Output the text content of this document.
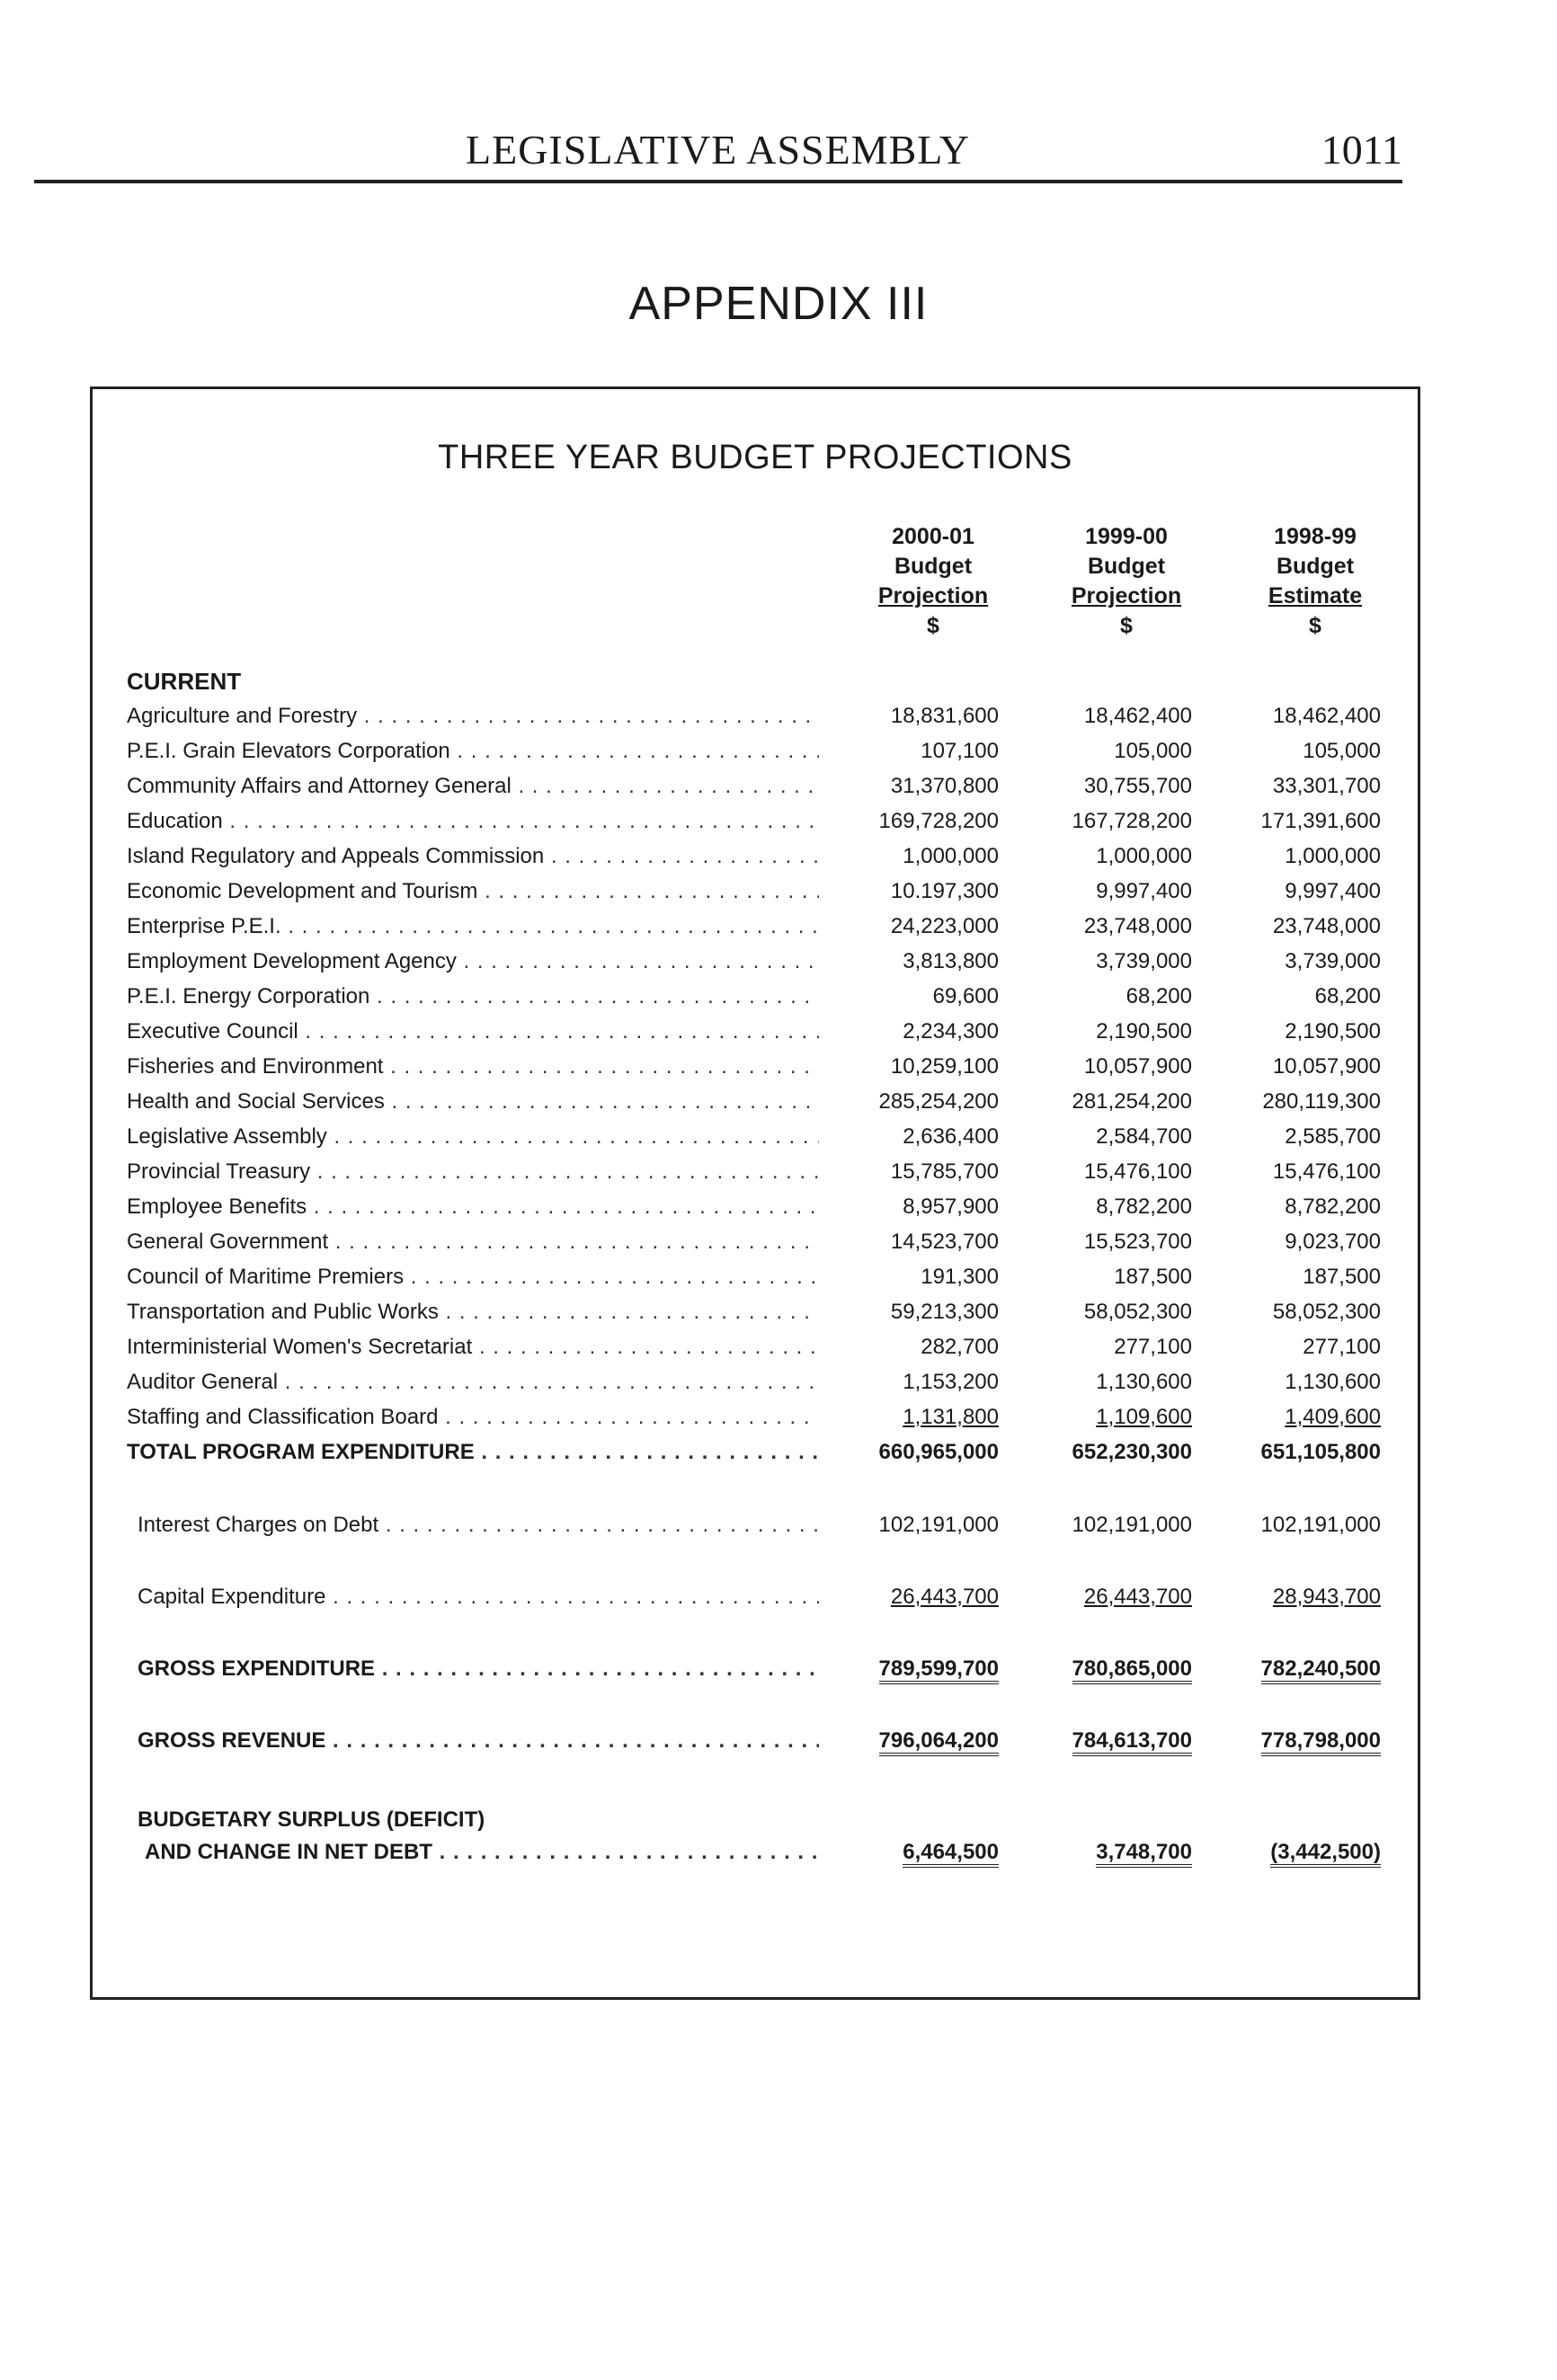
LEGISLATIVE ASSEMBLY	1011
APPENDIX III
THREE YEAR BUDGET PROJECTIONS
2000-01
Budget
Projection
$
1999-00
Budget
Projection
$
1998-99
Budget
Estimate
$
CURRENT
Agriculture and Forestry . . .	18,831,600	18,462,400	18,462,400
P.E.I. Grain Elevators Corporation . . .	107,100	105,000	105,000
Community Affairs and Attorney General . . .	31,370,800	30,755,700	33,301,700
Education . . .	169,728,200	167,728,200	171,391,600
Island Regulatory and Appeals Commission . . .	1,000,000	1,000,000	1,000,000
Economic Development and Tourism . . .	10.197,300	9,997,400	9,997,400
Enterprise P.E.I. . . .	24,223,000	23,748,000	23,748,000
Employment Development Agency . . .	3,813,800	3,739,000	3,739,000
P.E.I. Energy Corporation . . .	69,600	68,200	68,200
Executive Council . . .	2,234,300	2,190,500	2,190,500
Fisheries and Environment . . .	10,259,100	10,057,900	10,057,900
Health and Social Services . . .	285,254,200	281,254,200	280,119,300
Legislative Assembly . . .	2,636,400	2,584,700	2,585,700
Provincial Treasury . . .	15,785,700	15,476,100	15,476,100
Employee Benefits . . .	8,957,900	8,782,200	8,782,200
General Government . . .	14,523,700	15,523,700	9,023,700
Council of Maritime Premiers . . .	191,300	187,500	187,500
Transportation and Public Works . . .	59,213,300	58,052,300	58,052,300
Interministerial Women's Secretariat . . .	282,700	277,100	277,100
Auditor General . . .	1,153,200	1,130,600	1,130,600
Staffing and Classification Board . . .	1,131,800	1,109,600	1,409,600
TOTAL PROGRAM EXPENDITURE . . .	660,965,000	652,230,300	651,105,800
Interest Charges on Debt . . .	102,191,000	102,191,000	102,191,000
Capital Expenditure . . .	26,443,700	26,443,700	28,943,700
GROSS EXPENDITURE . . .	789,599,700	780,865,000	782,240,500
GROSS REVENUE . . .	796,064,200	784,613,700	778,798,000
BUDGETARY SURPLUS (DEFICIT)
AND CHANGE IN NET DEBT . . .	6,464,500	3,748,700	(3,442,500)
